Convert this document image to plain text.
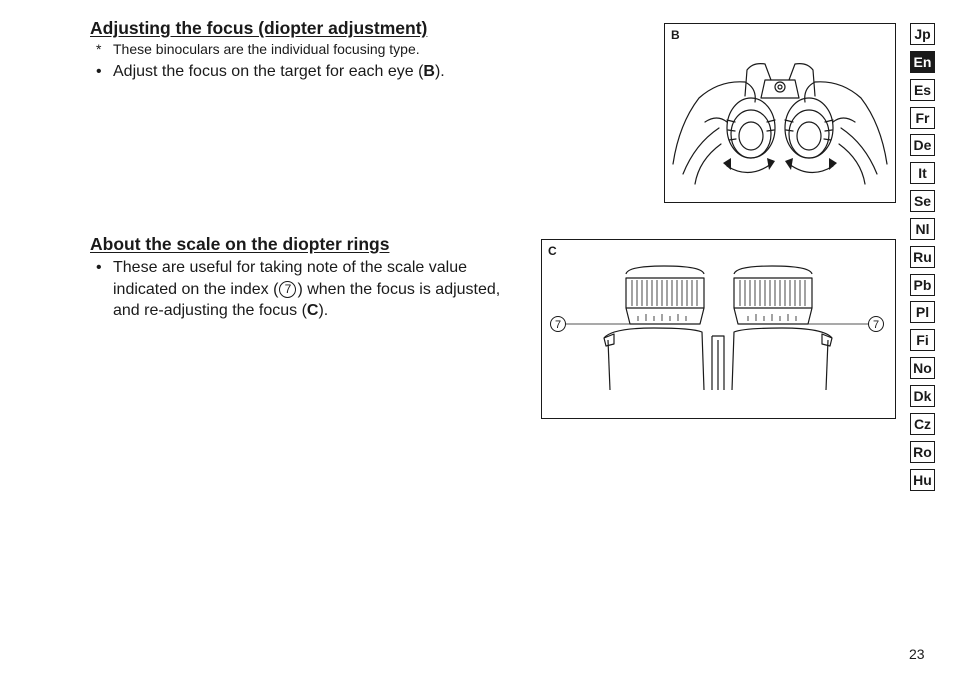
Adjusting the focus (diopter adjustment)
* These binoculars are the individual focusing type.
• Adjust the focus on the target for each eye (B).
About the scale on the diopter rings
• These are useful for taking note of the scale value indicated on the index ( 7 ) when the focus is adjusted, and re-adjusting the focus (C).
B
7	7
C
Jp
En
Es
Fr
De
It
Se
Nl
Ru
Pb
Pl
Fi
No
Dk
Cz
Ro
Hu
23
